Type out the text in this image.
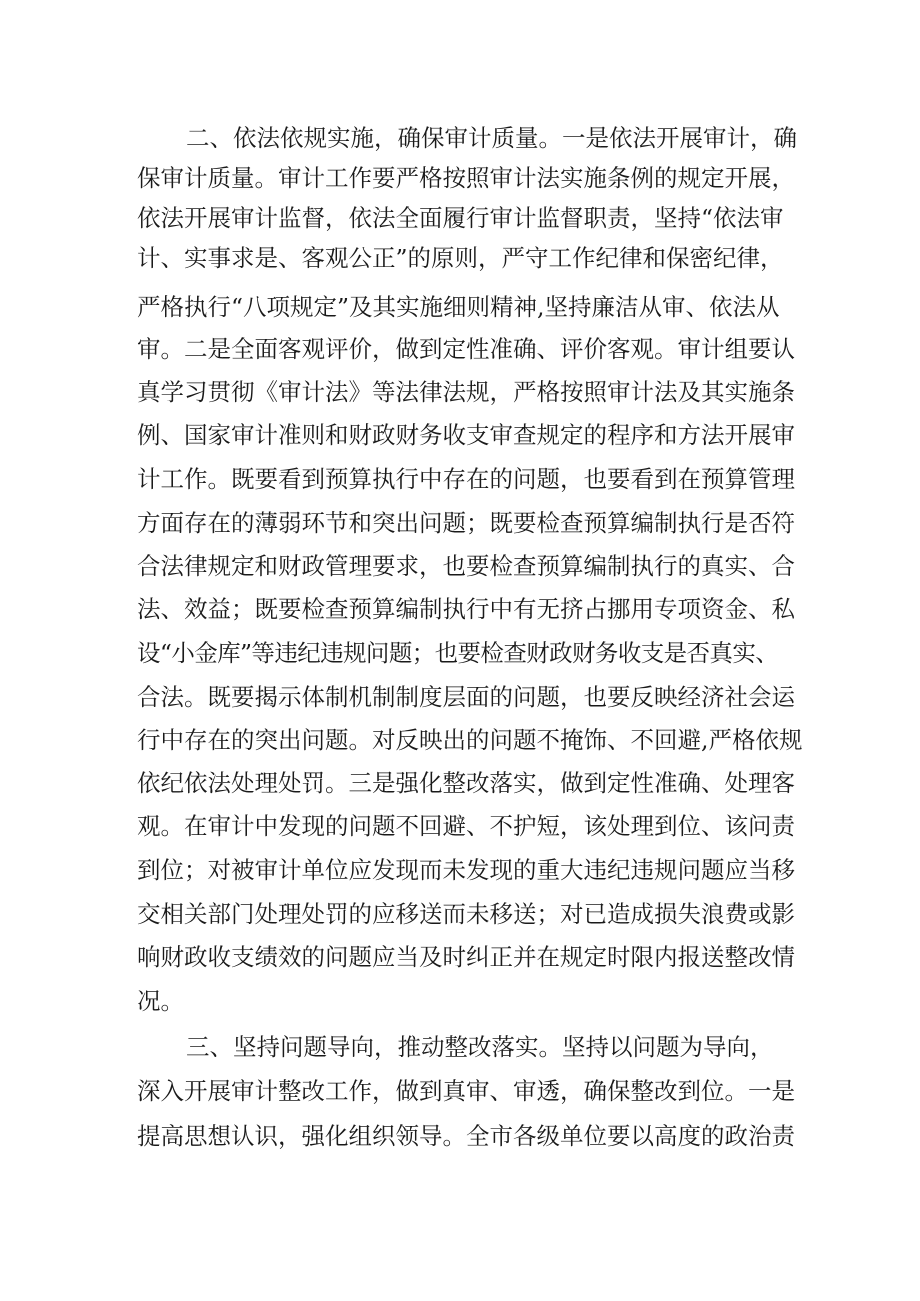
二、依法依规实施，确保审计质量。一是依法开展审计，确
保审计质量。审计工作要严格按照审计法实施条例的规定开展，
依法开展审计监督，依法全面履行审计监督职责，坚持“依法审
计、实事求是、客观公正”的原则，严守工作纪律和保密纪律，
严格执行“八项规定”及其实施细则精神,坚持廉洁从审、依法从
审。二是全面客观评价，做到定性准确、评价客观。审计组要认
真学习贯彻《审计法》等法律法规，严格按照审计法及其实施条
例、国家审计准则和财政财务收支审查规定的程序和方法开展审
计工作。既要看到预算执行中存在的问题，也要看到在预算管理
方面存在的薄弱环节和突出问题；既要检查预算编制执行是否符
合法律规定和财政管理要求，也要检查预算编制执行的真实、合
法、效益；既要检查预算编制执行中有无挤占挪用专项资金、私
设“小金库”等违纪违规问题；也要检查财政财务收支是否真实、
合法。既要揭示体制机制制度层面的问题，也要反映经济社会运
行中存在的突出问题。对反映出的问题不掩饰、不回避,严格依规
依纪依法处理处罚。三是强化整改落实，做到定性准确、处理客
观。在审计中发现的问题不回避、不护短，该处理到位、该问责
到位；对被审计单位应发现而未发现的重大违纪违规问题应当移
交相关部门处理处罚的应移送而未移送；对已造成损失浪费或影
响财政收支绩效的问题应当及时纠正并在规定时限内报送整改情
况。
三、坚持问题导向，推动整改落实。坚持以问题为导向，
深入开展审计整改工作，做到真审、审透，确保整改到位。一是
提高思想认识，强化组织领导。全市各级单位要以高度的政治责
